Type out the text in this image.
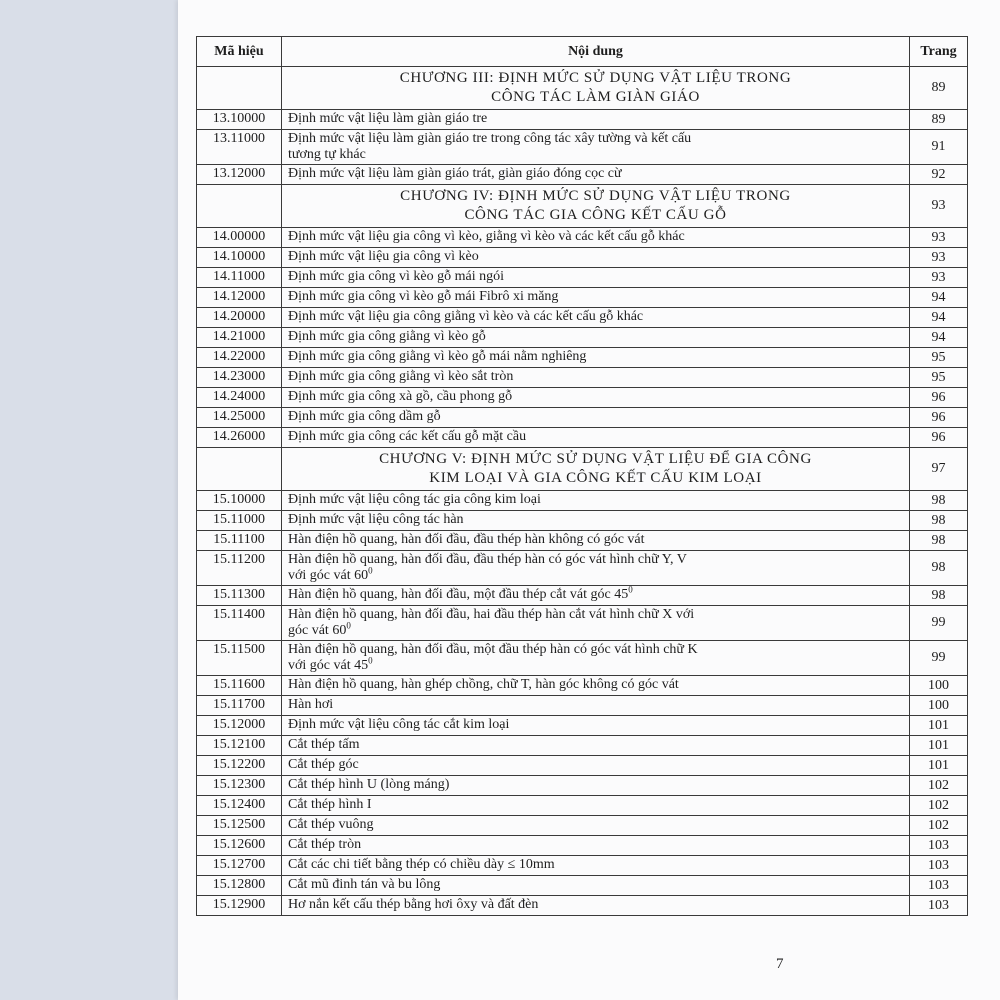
Mã hiệu	Nội dung	Trang

	CHƯƠNG III: ĐỊNH MỨC SỬ DỤNG VẬT LIỆU TRONG
CÔNG TÁC LÀM GIÀN GIÁO	89
13.10000	Định mức vật liệu làm giàn giáo tre	89
13.11000	Định mức vật liệu làm giàn giáo tre trong công tác xây tường và kết cấu
tương tự khác	91
13.12000	Định mức vật liệu làm giàn giáo trát, giàn giáo đóng cọc cừ	92

	CHƯƠNG IV: ĐỊNH MỨC SỬ DỤNG VẬT LIỆU TRONG
CÔNG TÁC GIA CÔNG KẾT CẤU GỖ	93
14.00000	Định mức vật liệu gia công vì kèo, giằng vì kèo và các kết cấu gỗ khác	93
14.10000	Định mức vật liệu gia công vì kèo	93
14.11000	Định mức gia công vì kèo gỗ mái ngói	93
14.12000	Định mức gia công vì kèo gỗ mái Fibrô xi măng	94
14.20000	Định mức vật liệu gia công giằng vì kèo và các kết cấu gỗ khác	94
14.21000	Định mức gia công giằng vì kèo gỗ	94
14.22000	Định mức gia công giằng vì kèo gỗ mái nằm nghiêng	95
14.23000	Định mức gia công giằng vì kèo sắt tròn	95
14.24000	Định mức gia công xà gồ, cầu phong gỗ	96
14.25000	Định mức gia công dầm gỗ	96
14.26000	Định mức gia công các kết cấu gỗ mặt cầu	96

	CHƯƠNG V: ĐỊNH MỨC SỬ DỤNG VẬT LIỆU ĐỂ GIA CÔNG
KIM LOẠI VÀ GIA CÔNG KẾT CẤU KIM LOẠI	97
15.10000	Định mức vật liệu công tác gia công kim loại	98
15.11000	Định mức vật liệu công tác hàn	98
15.11100	Hàn điện hồ quang, hàn đối đầu, đầu thép hàn không có góc vát	98
15.11200	Hàn điện hồ quang, hàn đối đầu, đầu thép hàn có góc vát hình chữ Y, V
với góc vát $60^0$	98
15.11300	Hàn điện hồ quang, hàn đối đầu, một đầu thép cắt vát góc $45^0$	98
15.11400	Hàn điện hồ quang, hàn đối đầu, hai đầu thép hàn cắt vát hình chữ X với
góc vát $60^0$	99
15.11500	Hàn điện hồ quang, hàn đối đầu, một đầu thép hàn có góc vát hình chữ K
với góc vát $45^0$	99
15.11600	Hàn điện hồ quang, hàn ghép chồng, chữ T, hàn góc không có góc vát	100
15.11700	Hàn hơi	100
15.12000	Định mức vật liệu công tác cắt kim loại	101
15.12100	Cắt thép tấm	101
15.12200	Cắt thép góc	101
15.12300	Cắt thép hình U (lòng máng)	102
15.12400	Cắt thép hình I	102
15.12500	Cắt thép vuông	102
15.12600	Cắt thép tròn	103
15.12700	Cắt các chi tiết bằng thép có chiều dày ≤ 10mm	103
15.12800	Cắt mũ đinh tán và bu lông	103
15.12900	Hơ nắn kết cấu thép bằng hơi ôxy và đất đèn	103
7
